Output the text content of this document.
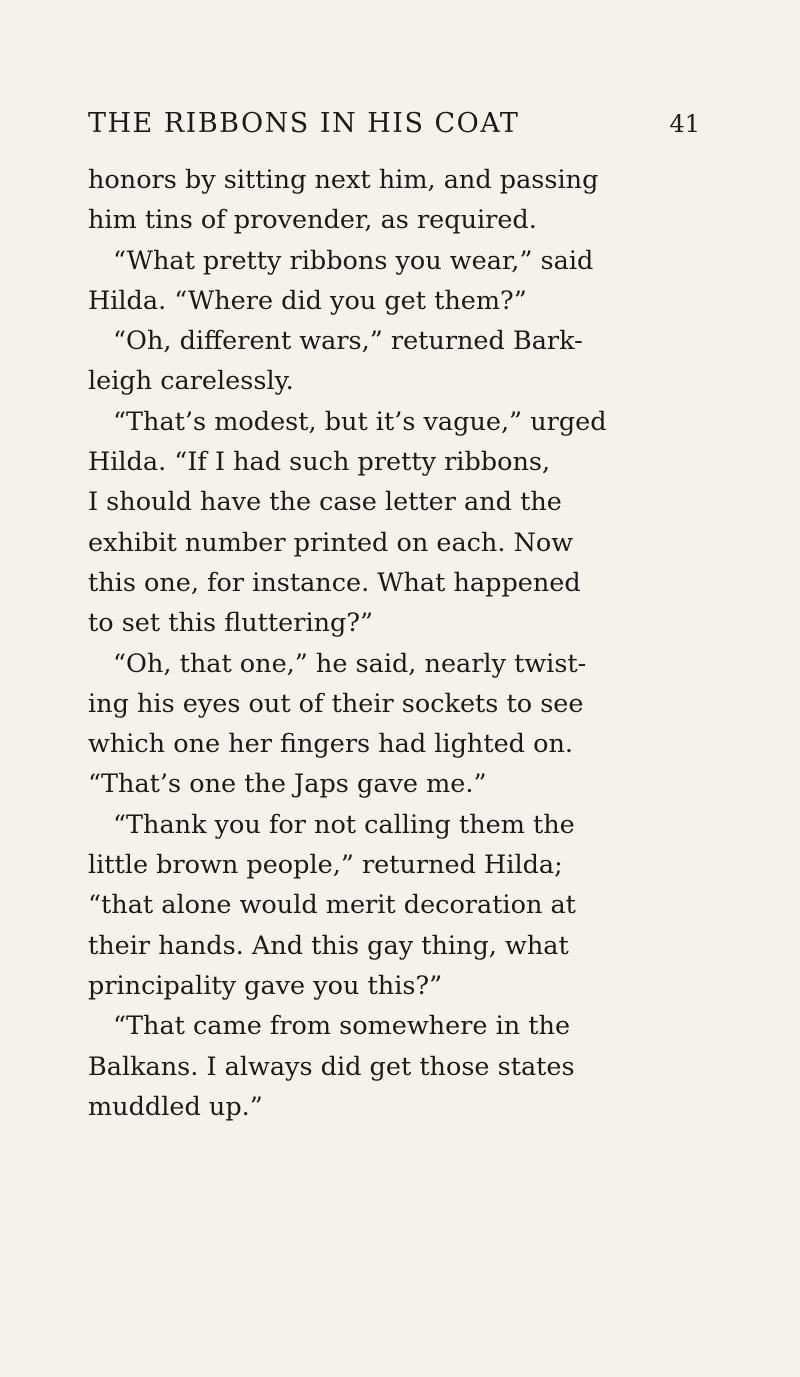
THE RIBBONS IN HIS COAT	41
honors by sitting next him, and passing
him tins of provender, as required.
“What pretty ribbons you wear,” said
Hilda. “Where did you get them?”
“Oh, different wars,” returned Bark-
leigh carelessly.
“That’s modest, but it’s vague,” urged
Hilda. “If I had such pretty ribbons,
I should have the case letter and the
exhibit number printed on each. Now
this one, for instance. What happened
to set this fluttering?”
“Oh, that one,” he said, nearly twist-
ing his eyes out of their sockets to see
which one her fingers had lighted on.
“That’s one the Japs gave me.”
“Thank you for not calling them the
little brown people,” returned Hilda;
“that alone would merit decoration at
their hands. And this gay thing, what
principality gave you this?”
“That came from somewhere in the
Balkans. I always did get those states
muddled up.”
